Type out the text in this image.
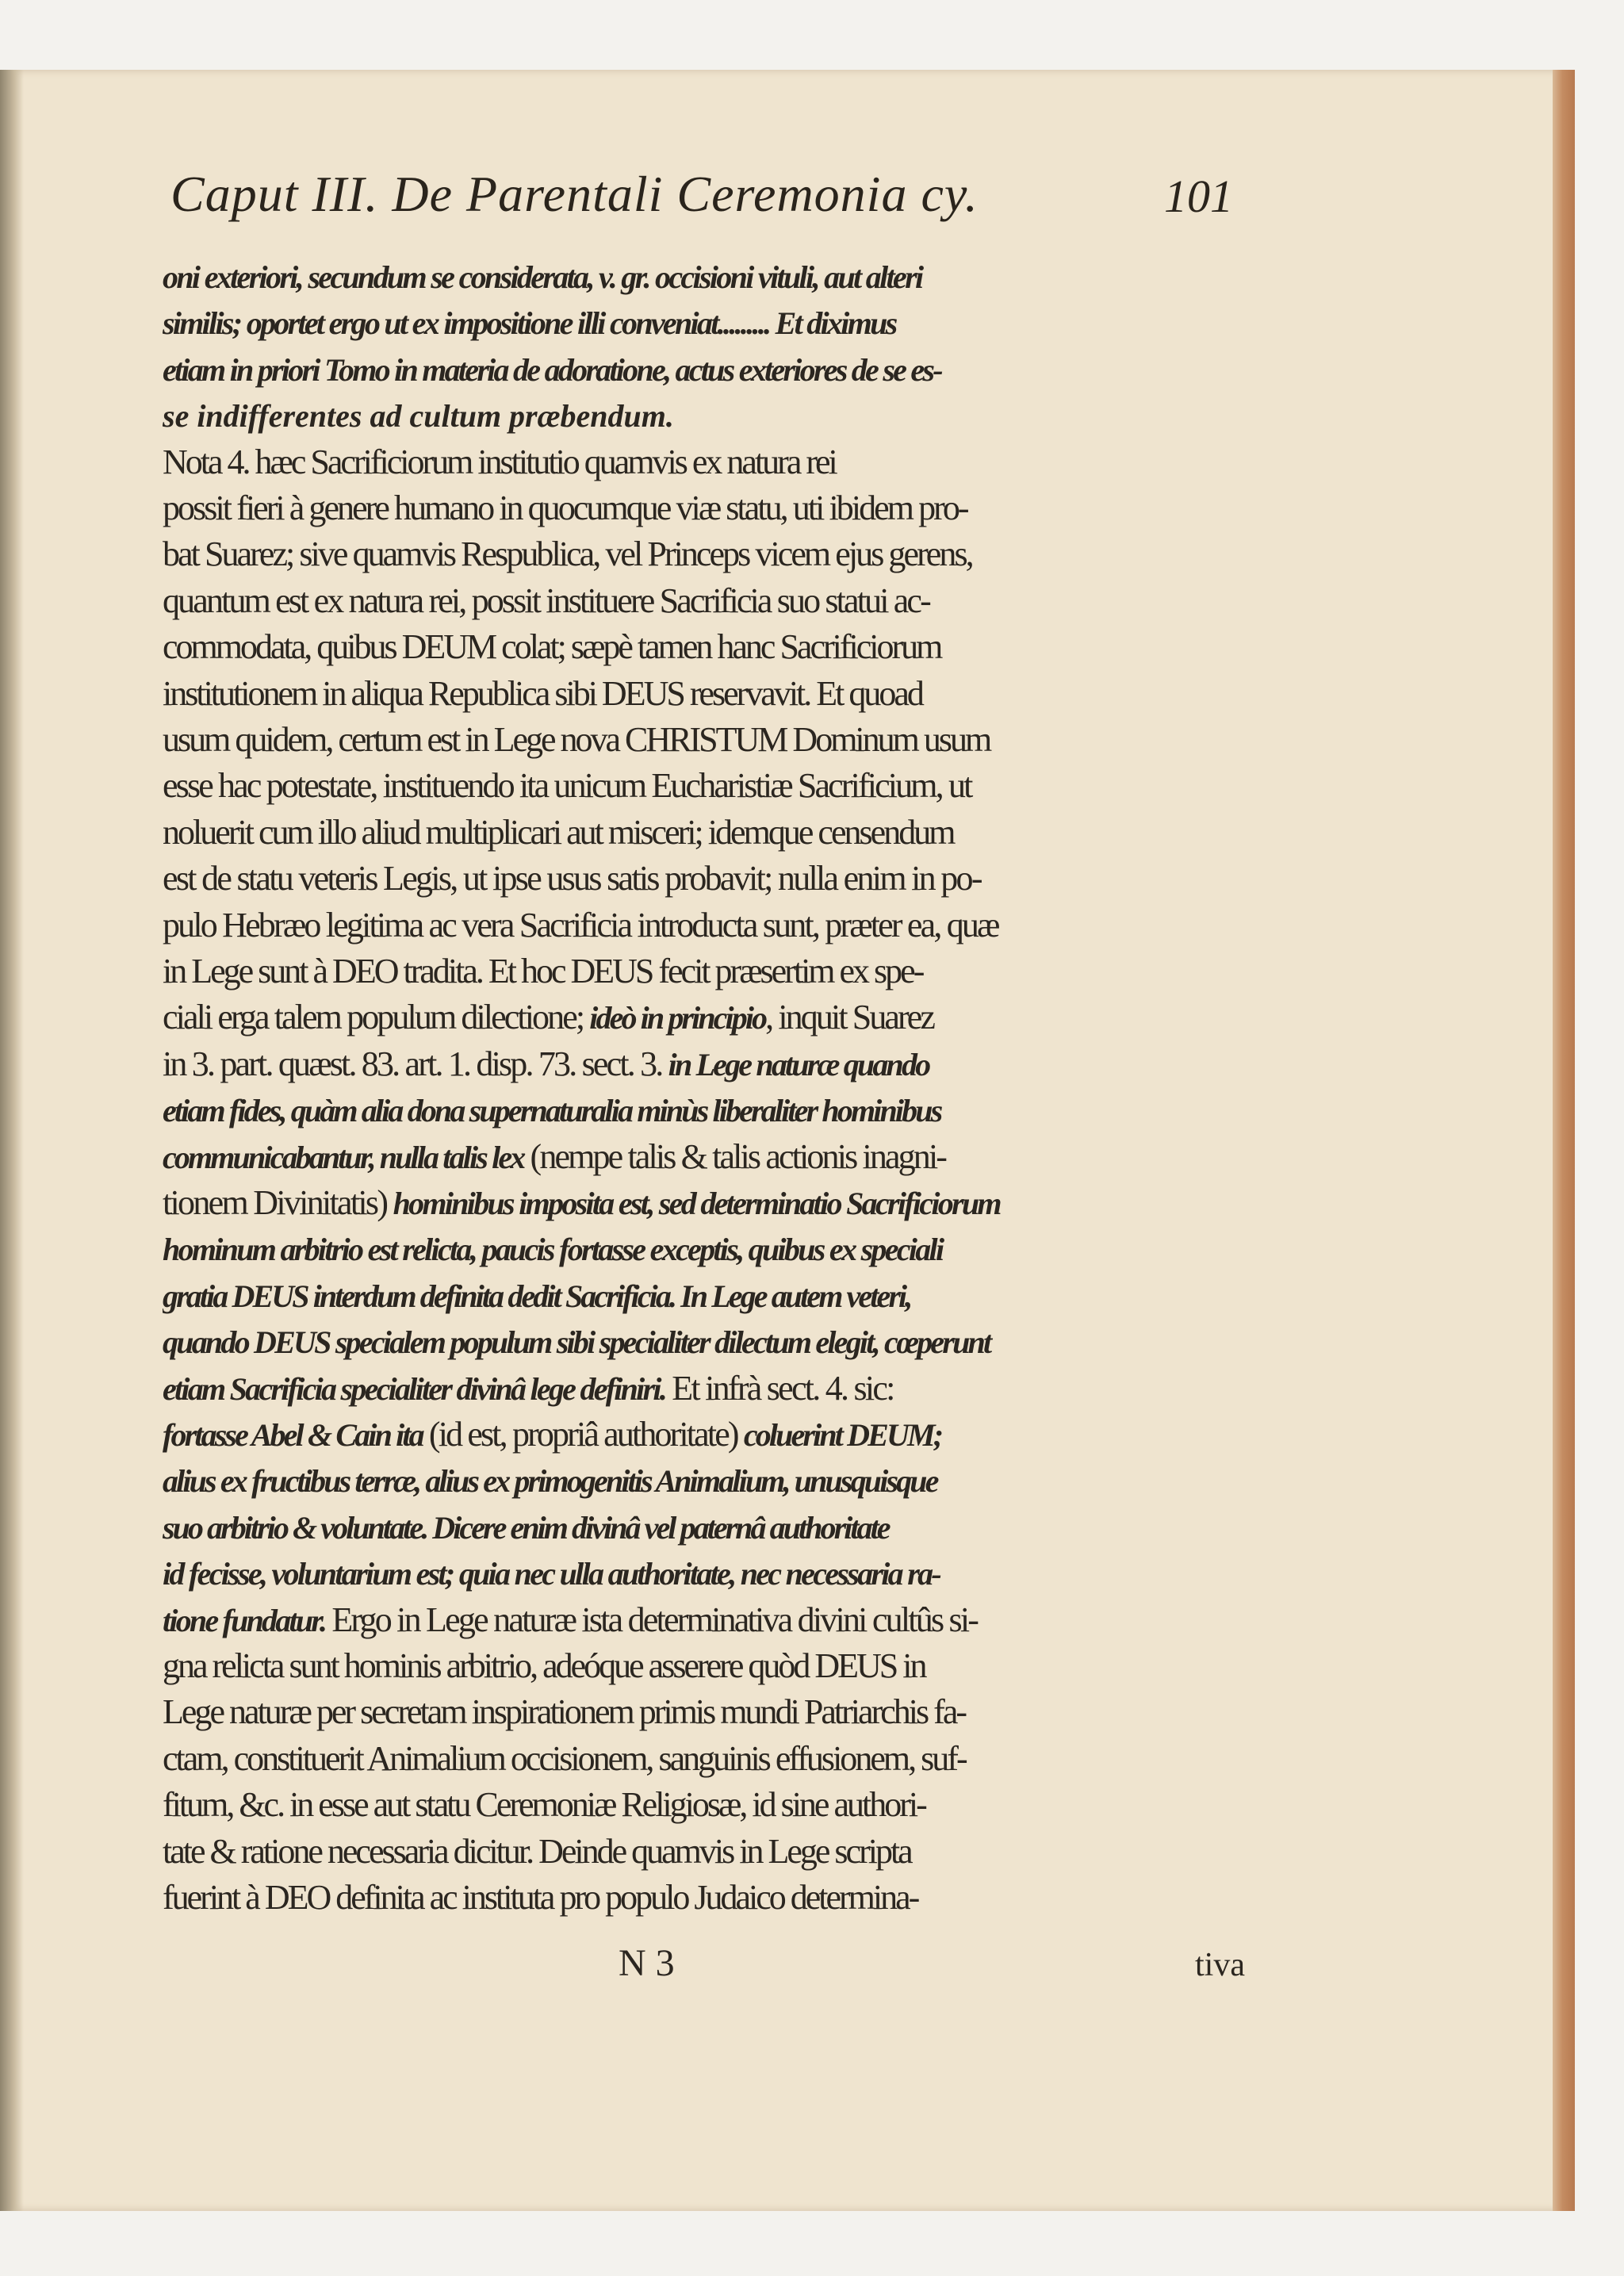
Caput III. De Parentali Ceremonia cy.	101
oni exteriori, secundum se considerata, v. gr. occisioni vituli, aut alteri
similis; oportet ergo ut ex impositione illi conveniat......... Et diximus
etiam in priori Tomo in materia de adoratione, actus exteriores de se es-
se indifferentes ad cultum præbendum.
Nota 4. hæc Sacrificiorum institutio quamvis ex natura rei
possit fieri à genere humano in quocumque viæ statu, uti ibidem pro-
bat Suarez; sive quamvis Respublica, vel Princeps vicem ejus gerens,
quantum est ex natura rei, possit instituere Sacrificia suo statui ac-
commodata, quibus DEUM colat; sæpè tamen hanc Sacrificiorum
institutionem in aliqua Republica sibi DEUS reservavit. Et quoad
usum quidem, certum est in Lege nova CHRISTUM Dominum usum
esse hac potestate, instituendo ita unicum Eucharistiæ Sacrificium, ut
noluerit cum illo aliud multiplicari aut misceri; idemque censendum
est de statu veteris Legis, ut ipse usus satis probavit; nulla enim in po-
pulo Hebræo legitima ac vera Sacrificia introducta sunt, præter ea, quæ
in Lege sunt à DEO tradita. Et hoc DEUS fecit præsertim ex spe-
ciali erga talem populum dilectione; ideò in principio, inquit Suarez
in 3. part. quæst. 83. art. 1. disp. 73. sect. 3. in Lege naturæ quando
etiam fides, quàm alia dona supernaturalia minùs liberaliter hominibus
communicabantur, nulla talis lex (nempe talis & talis actionis inagni-
tionem Divinitatis) hominibus imposita est, sed determinatio Sacrificiorum
hominum arbitrio est relicta, paucis fortasse exceptis, quibus ex speciali
gratia DEUS interdum definita dedit Sacrificia. In Lege autem veteri,
quando DEUS specialem populum sibi specialiter dilectum elegit, cœperunt
etiam Sacrificia specialiter divinâ lege definiri. Et infrà sect. 4. sic:
fortasse Abel & Cain ita (id est, propriâ authoritate) coluerint DEUM;
alius ex fructibus terræ, alius ex primogenitis Animalium, unusquisque
suo arbitrio & voluntate. Dicere enim divinâ vel paternâ authoritate
id fecisse, voluntarium est; quia nec ulla authoritate, nec necessaria ra-
tione fundatur. Ergo in Lege naturæ ista determinativa divini cultûs si-
gna relicta sunt hominis arbitrio, adeóque asserere quòd DEUS in
Lege naturæ per secretam inspirationem primis mundi Patriarchis fa-
ctam, constituerit Animalium occisionem, sanguinis effusionem, suf-
fitum, &c. in esse aut statu Ceremoniæ Religiosæ, id sine authori-
tate & ratione necessaria dicitur. Deinde quamvis in Lege scripta
fuerint à DEO definita ac instituta pro populo Judaico determina-
N 3	tiva
